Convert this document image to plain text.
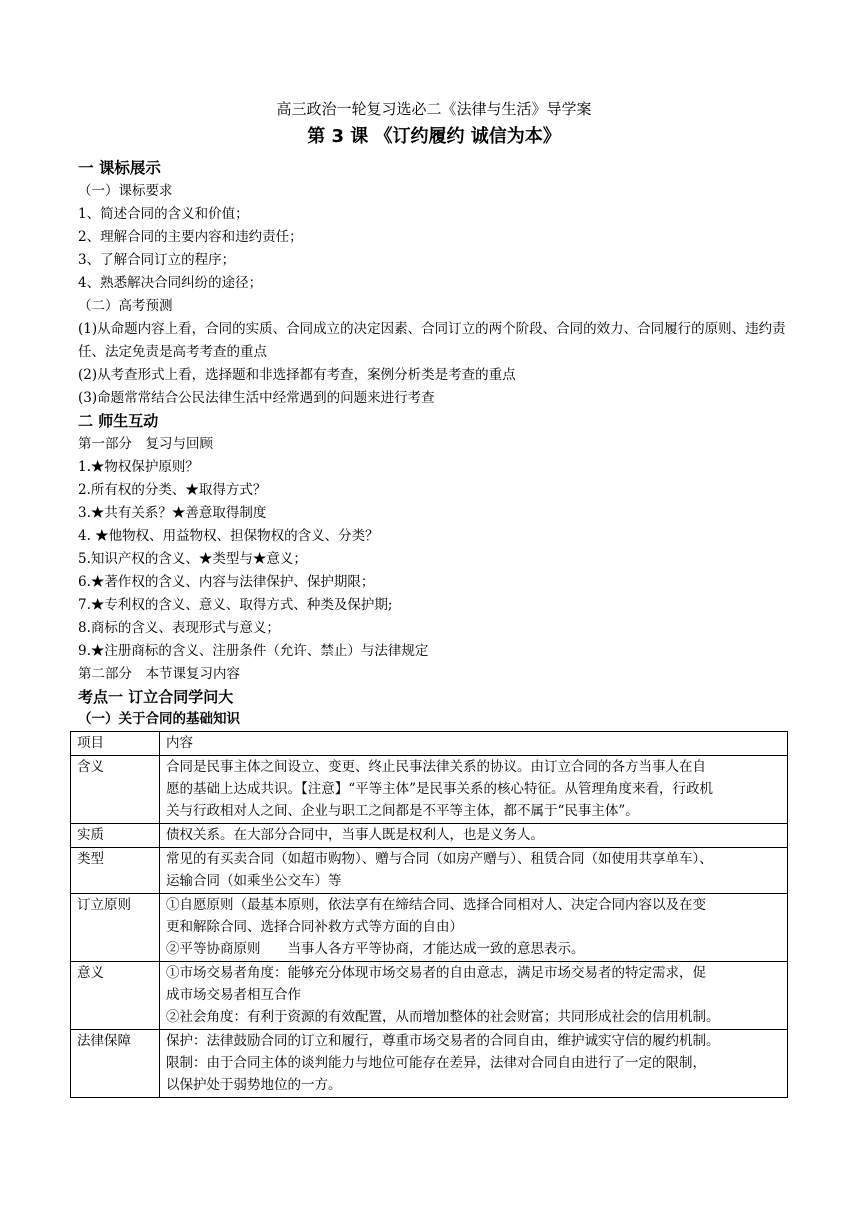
高三政治一轮复习选必二《法律与生活》导学案
第 3 课 《订约履约 诚信为本》
一 课标展示
（一）课标要求
1、简述合同的含义和价值；
2、理解合同的主要内容和违约责任；
3、了解合同订立的程序；
4、熟悉解决合同纠纷的途径；
（二）高考预测
(1)从命题内容上看，合同的实质、合同成立的决定因素、合同订立的两个阶段、合同的效力、合同履行的原则、违约责任、法定免责是高考考查的重点
(2)从考查形式上看，选择题和非选择都有考查，案例分析类是考查的重点
(3)命题常常结合公民法律生活中经常遇到的问题来进行考查
二 师生互动
第一部分　复习与回顾
1.★物权保护原则？
2.所有权的分类、★取得方式？
3.★共有关系？★善意取得制度
4. ★他物权、用益物权、担保物权的含义、分类？
5.知识产权的含义、★类型与★意义；
6.★著作权的含义、内容与法律保护、保护期限；
7.★专利权的含义、意义、取得方式、种类及保护期;
8.商标的含义、表现形式与意义；
9.★注册商标的含义、注册条件（允许、禁止）与法律规定
第二部分　本节课复习内容
考点一 订立合同学问大
（一）关于合同的基础知识
项目	内容
含义	合同是民事主体之间设立、变更、终止民事法律关系的协议。由订立合同的各方当事人在自
愿的基础上达成共识。【注意】“平等主体”是民事关系的核心特征。从管理角度来看，行政机
关与行政相对人之间、企业与职工之间都是不平等主体，都不属于“民事主体”。

实质	债权关系。在大部分合同中，当事人既是权利人，也是义务人。

类型	常见的有买卖合同（如超市购物）、赠与合同（如房产赠与）、租赁合同（如使用共享单车）、
运输合同（如乘坐公交车）等

订立原则	①自愿原则（最基本原则，依法享有在缔结合同、选择合同相对人、决定合同内容以及在变
更和解除合同、选择合同补救方式等方面的自由）
②平等协商原则　　当事人各方平等协商，才能达成一致的意思表示。

意义	①市场交易者角度：能够充分体现市场交易者的自由意志，满足市场交易者的特定需求，促
成市场交易者相互合作
②社会角度：有利于资源的有效配置，从而增加整体的社会财富；共同形成社会的信用机制。

法律保障	保护：法律鼓励合同的订立和履行，尊重市场交易者的合同自由，维护诚实守信的履约机制。
限制：由于合同主体的谈判能力与地位可能存在差异，法律对合同自由进行了一定的限制，
以保护处于弱势地位的一方。
